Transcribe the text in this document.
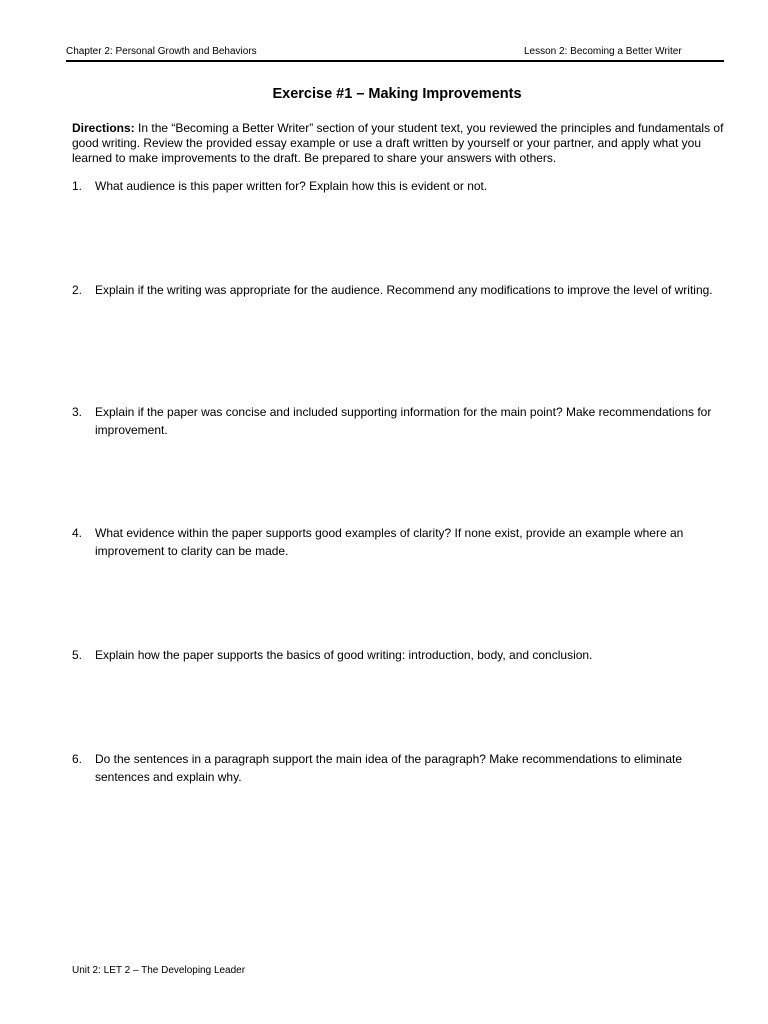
Chapter 2: Personal Growth and Behaviors	Lesson 2: Becoming a Better Writer
Exercise #1 – Making Improvements
Directions: In the “Becoming a Better Writer” section of your student text, you reviewed the principles and fundamentals of good writing. Review the provided essay example or use a draft written by yourself or your partner, and apply what you learned to make improvements to the draft. Be prepared to share your answers with others.
1.	What audience is this paper written for? Explain how this is evident or not.
2.	Explain if the writing was appropriate for the audience. Recommend any modifications to improve the level of writing.
3.	Explain if the paper was concise and included supporting information for the main point? Make recommendations for improvement.
4.	What evidence within the paper supports good examples of clarity? If none exist, provide an example where an improvement to clarity can be made.
5.	Explain how the paper supports the basics of good writing: introduction, body, and conclusion.
6.	Do the sentences in a paragraph support the main idea of the paragraph? Make recommendations to eliminate sentences and explain why.
Unit 2: LET 2 – The Developing Leader
